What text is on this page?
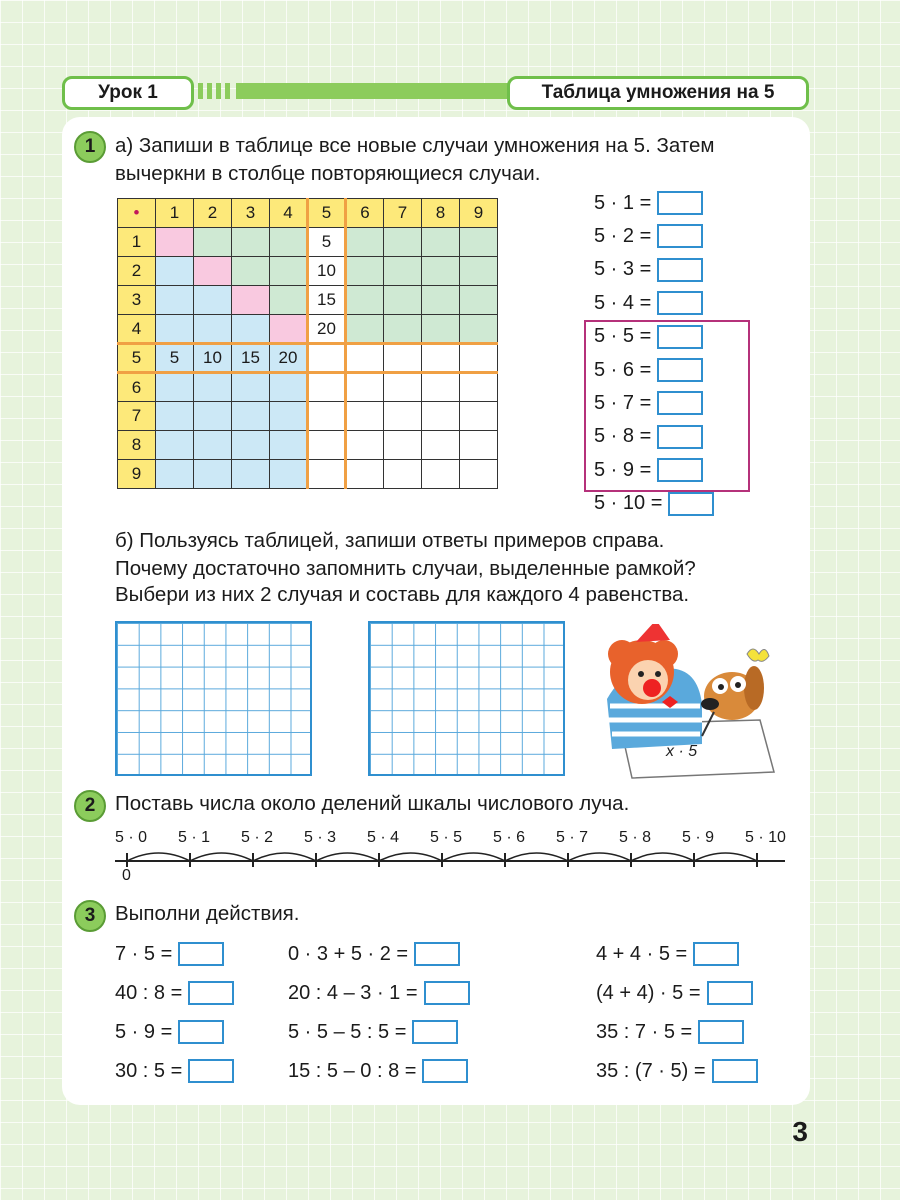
Урок 1	Таблица умножения на 5
1 а) Запиши в таблице все новые случаи умножения на 5. Затем
вычеркни в столбце повторяющиеся случаи.
•	1	2	3	4	5	6	7	8	9
1					5				
2					10				
3					15				
4					20				
5	5	10	15	20					
6									
7									
8									
9									
5 · 1 =
5 · 2 =
5 · 3 =
5 · 4 =
5 · 5 =
5 · 6 =
5 · 7 =
5 · 8 =
5 · 9 =
5 · 10 =
б) Пользуясь таблицей, запиши ответы примеров справа.
Почему достаточно запомнить случаи, выделенные рамкой?
Выбери из них 2 случая и составь для каждого 4 равенства.
x · 5
2 Поставь числа около делений шкалы числового луча.
5 · 0 5 · 1 5 · 2 5 · 3 5 · 4 5 · 5 5 · 6 5 · 7 5 · 8 5 · 9 5 · 10
0
3 Выполни действия.
7 · 5 =
40 : 8 =
5 · 9 =
30 : 5 =
0 · 3 + 5 · 2 =
20 : 4 – 3 · 1 =
5 · 5 – 5 : 5 =
15 : 5 – 0 : 8 =
4 + 4 · 5 =
(4 + 4) · 5 =
35 : 7 · 5 =
35 : (7 · 5) =
3
